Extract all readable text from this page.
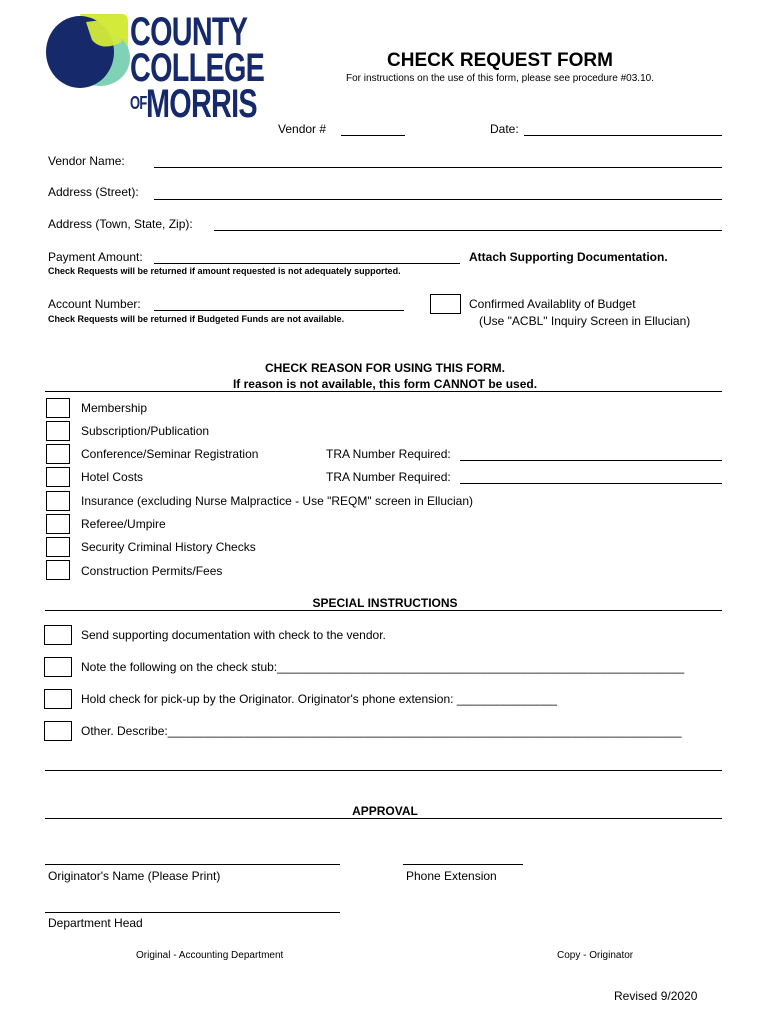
COUNTY
COLLEGE
OF MORRIS
CHECK REQUEST FORM
For instructions on the use of this form, please see procedure #03.10.
Vendor #	Date:
Vendor Name:
Address (Street):
Address (Town, State, Zip):
Payment Amount:	Attach Supporting Documentation.
Check Requests will be returned if amount requested is not adequately supported.
Account Number:
Check Requests will be returned if Budgeted Funds are not available.
Confirmed Availablity of Budget
(Use "ACBL" Inquiry Screen in Ellucian)
CHECK REASON FOR USING THIS FORM.
If reason is not available, this form CANNOT be used.
Membership
Subscription/Publication
Conference/Seminar Registration	TRA Number Required:
Hotel Costs	TRA Number Required:
Insurance (excluding Nurse Malpractice - Use "REQM" screen in Ellucian)
Referee/Umpire
Security Criminal History Checks
Construction Permits/Fees
SPECIAL INSTRUCTIONS
Send supporting documentation with check to the vendor.
Note the following on the check stub:_____________________________________________________________
Hold check for pick-up by the Originator. Originator's phone extension: _______________
Other. Describe:_____________________________________________________________________________
APPROVAL
Originator's Name (Please Print)	Phone Extension
Department Head
Original - Accounting Department	Copy - Originator
Revised 9/2020
